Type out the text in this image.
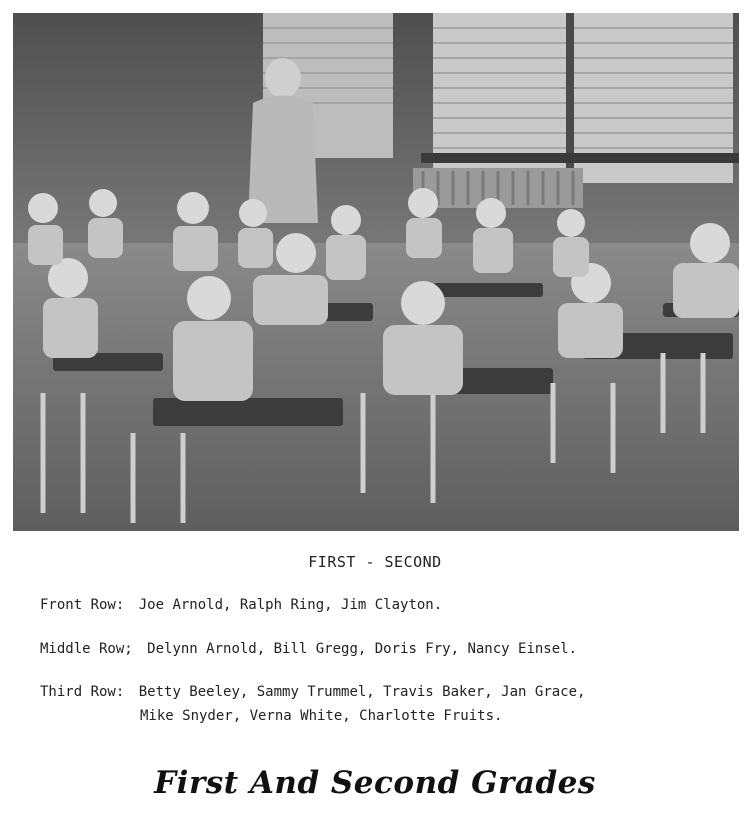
FIRST - SECOND
Front Row: Joe Arnold, Ralph Ring, Jim Clayton.
Middle Row; Delynn Arnold, Bill Gregg, Doris Fry, Nancy Einsel.
Third Row: Betty Beeley, Sammy Trummel, Travis Baker, Jan Grace,
Mike Snyder, Verna White, Charlotte Fruits.
First And Second Grades
